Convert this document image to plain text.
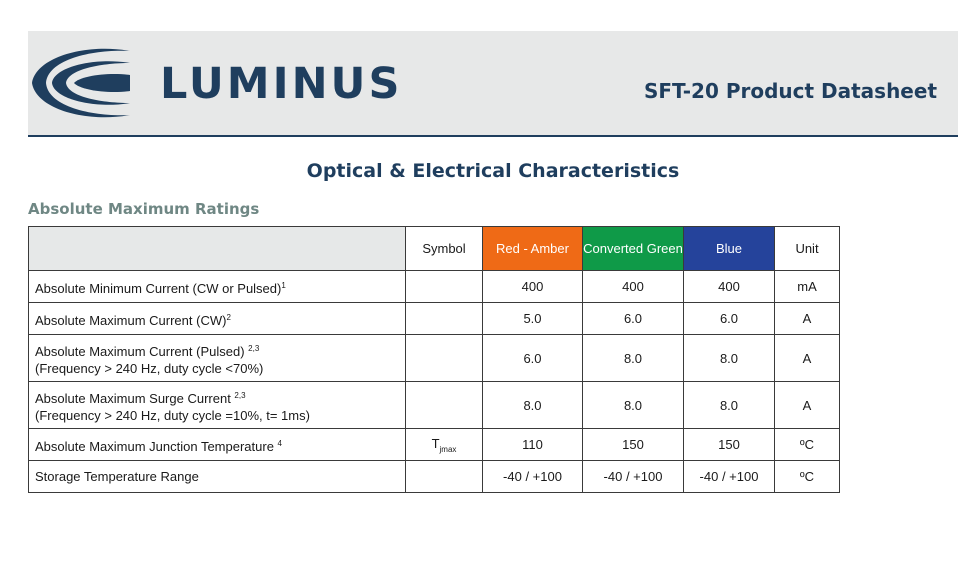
LUMINUS	SFT-20 Product Datasheet
Optical & Electrical Characteristics
Absolute Maximum Ratings
	Symbol	Red - Amber	Converted Green	Blue	Unit
Absolute Minimum Current (CW or Pulsed)$^1$		400	400	400	mA
Absolute Maximum Current (CW)$^2$		5.0	6.0	6.0	A
Absolute Maximum Current (Pulsed) $^{2,3}$
(Frequency > 240 Hz, duty cycle <70%)		6.0	8.0	8.0	A
Absolute Maximum Surge Current $^{2,3}$
(Frequency > 240 Hz, duty cycle =10%, t= 1ms)		8.0	8.0	8.0	A
Absolute Maximum Junction Temperature $^4$	$T_{jmax}$	110	150	150	ºC
Storage Temperature Range		-40 / +100	-40 / +100	-40 / +100	ºC
